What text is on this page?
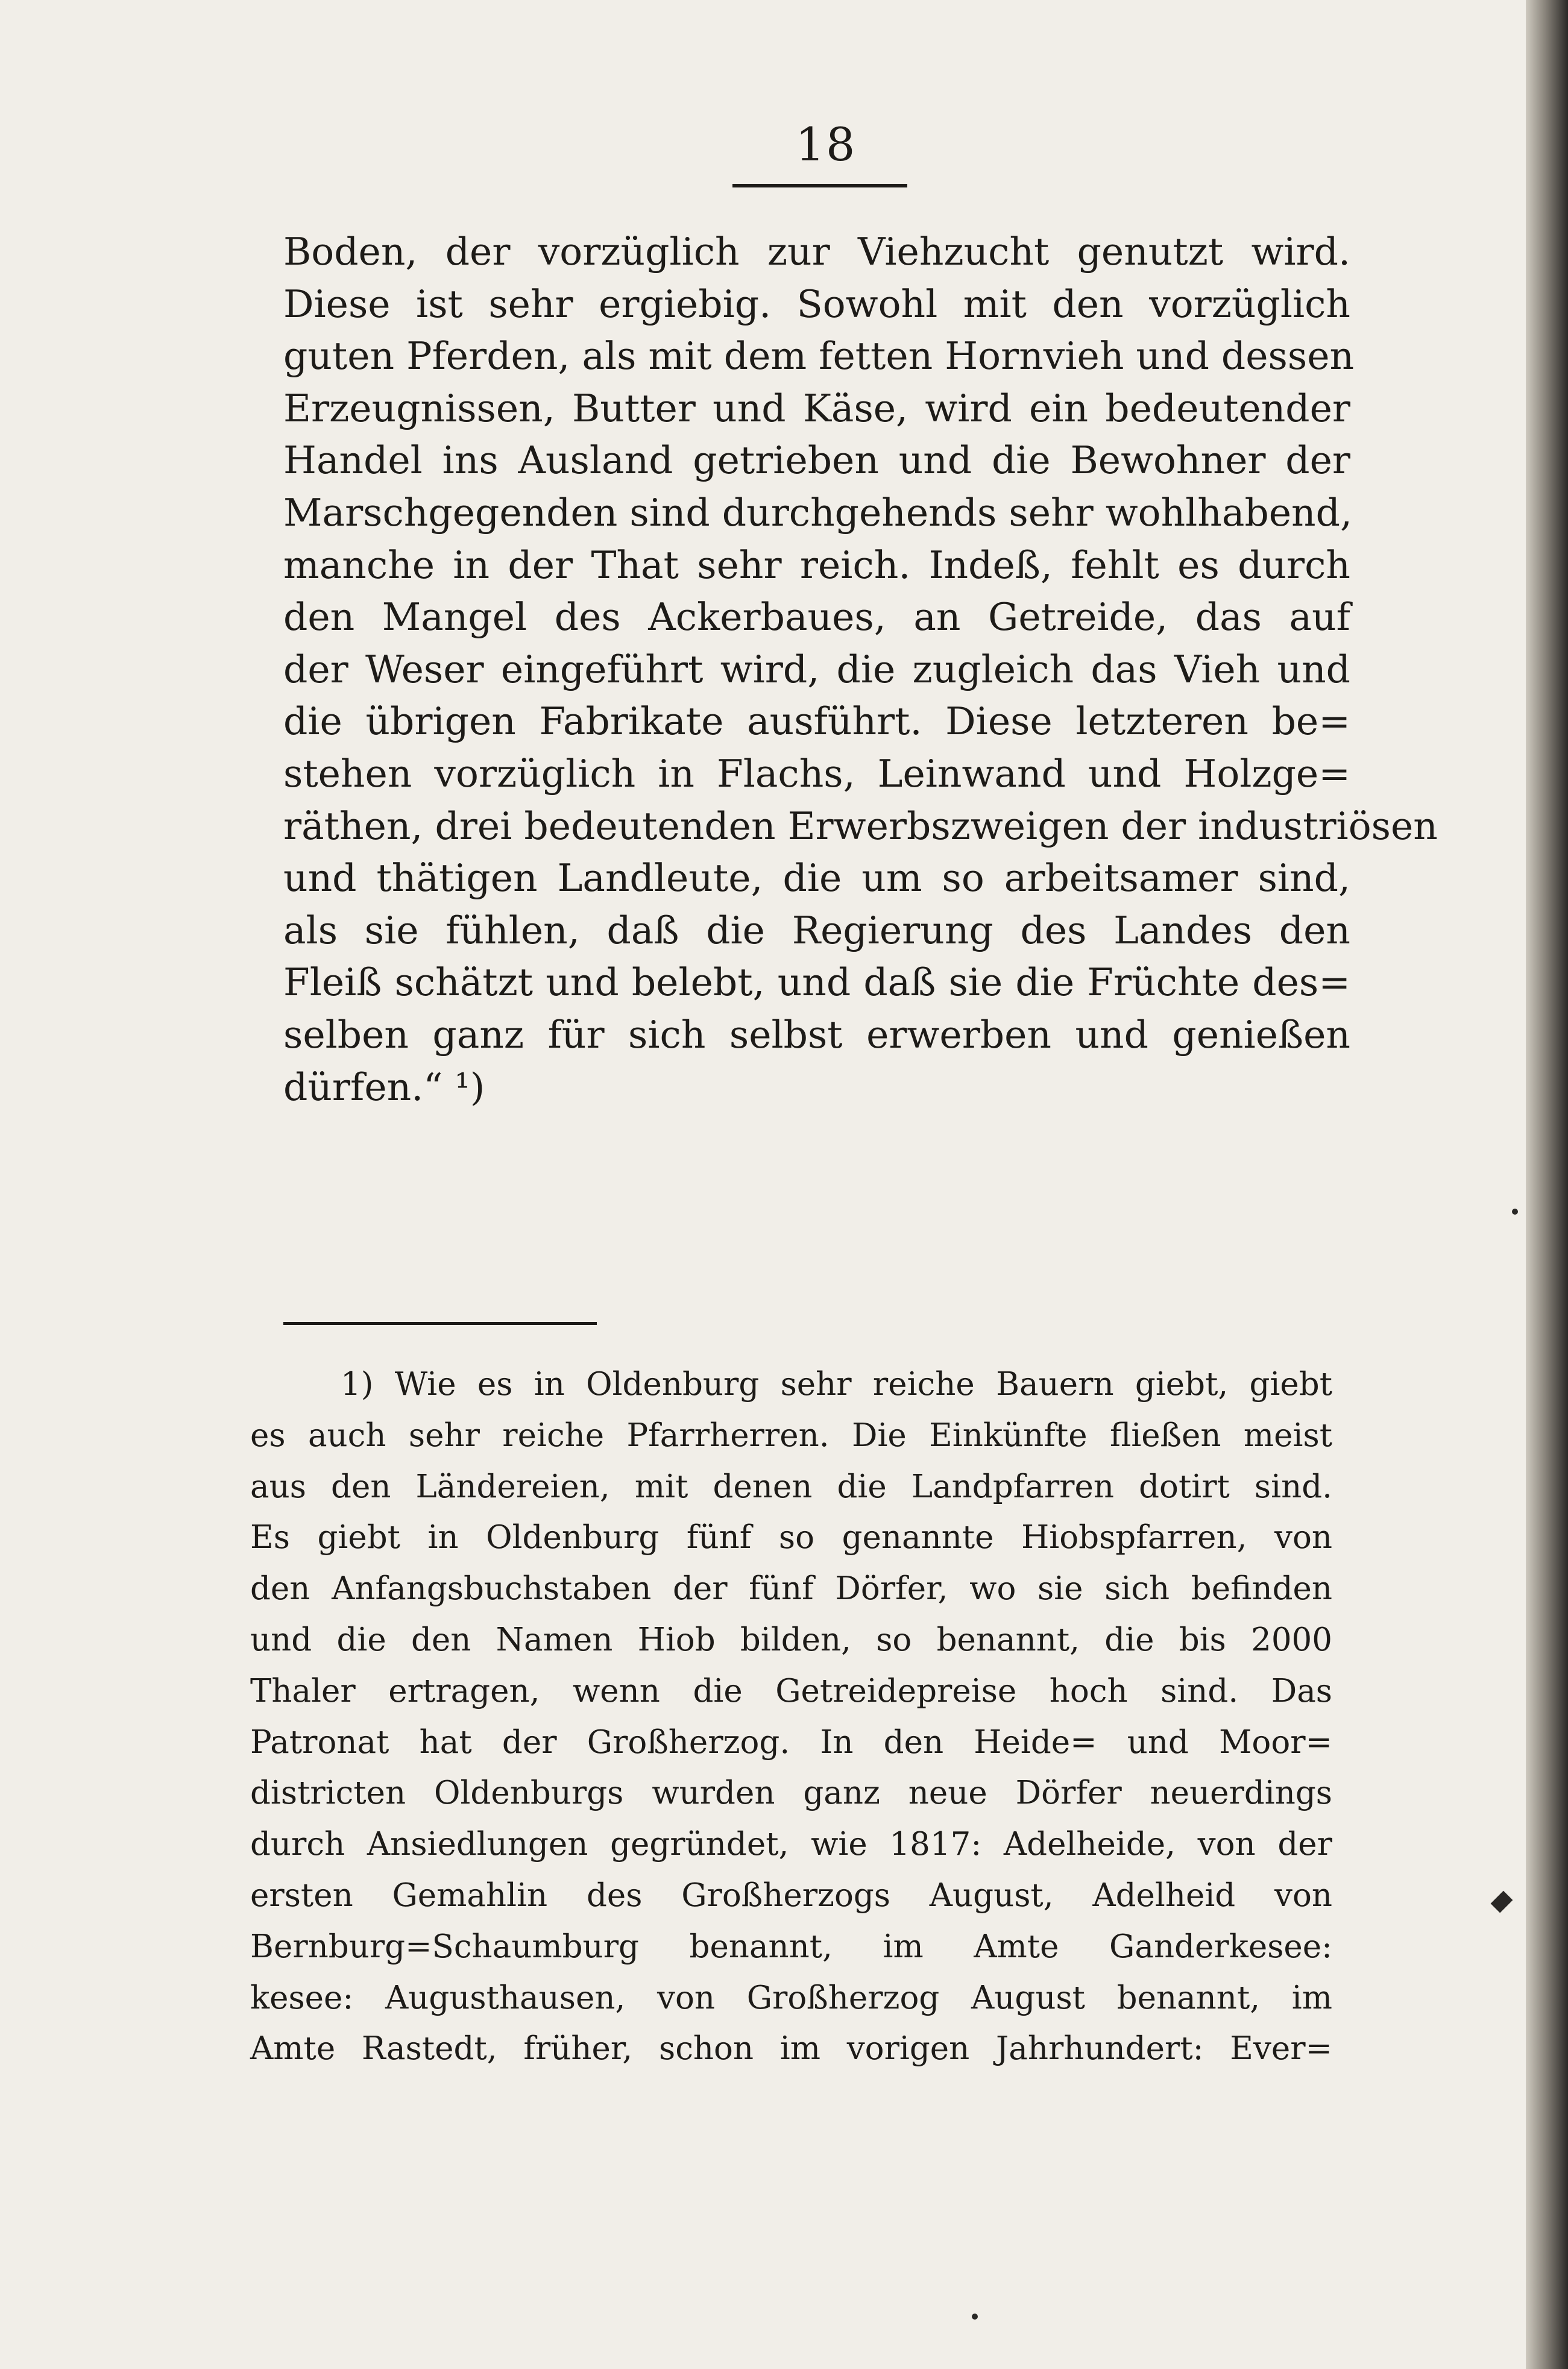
18
Boden, der vorzüglich zur Viehzucht genutzt wird.
Diese ist sehr ergiebig. Sowohl mit den vorzüglich
guten Pferden, als mit dem fetten Hornvieh und dessen
Erzeugnissen, Butter und Käse, wird ein bedeutender
Handel ins Ausland getrieben und die Bewohner der
Marschgegenden sind durchgehends sehr wohlhabend,
manche in der That sehr reich. Indeß, fehlt es durch
den Mangel des Ackerbaues, an Getreide, das auf
der Weser eingeführt wird, die zugleich das Vieh und
die übrigen Fabrikate ausführt. Diese letzteren be=
stehen vorzüglich in Flachs, Leinwand und Holzge=
räthen, drei bedeutenden Erwerbszweigen der industriösen
und thätigen Landleute, die um so arbeitsamer sind,
als sie fühlen, daß die Regierung des Landes den
Fleiß schätzt und belebt, und daß sie die Früchte des=
selben ganz für sich selbst erwerben und genießen
dürfen.“ ¹)
1) Wie es in Oldenburg sehr reiche Bauern giebt, giebt
es auch sehr reiche Pfarrherren. Die Einkünfte fließen meist
aus den Ländereien, mit denen die Landpfarren dotirt sind.
Es giebt in Oldenburg fünf so genannte Hiobspfarren, von
den Anfangsbuchstaben der fünf Dörfer, wo sie sich befinden
und die den Namen Hiob bilden, so benannt, die bis 2000
Thaler ertragen, wenn die Getreidepreise hoch sind. Das
Patronat hat der Großherzog. In den Heide= und Moor=
districten Oldenburgs wurden ganz neue Dörfer neuerdings
durch Ansiedlungen gegründet, wie 1817: Adelheide, von der
ersten Gemahlin des Großherzogs August, Adelheid von
Bernburg=Schaumburg benannt, im Amte Ganderkesee:
kesee: Augusthausen, von Großherzog August benannt, im
Amte Rastedt, früher, schon im vorigen Jahrhundert: Ever=
